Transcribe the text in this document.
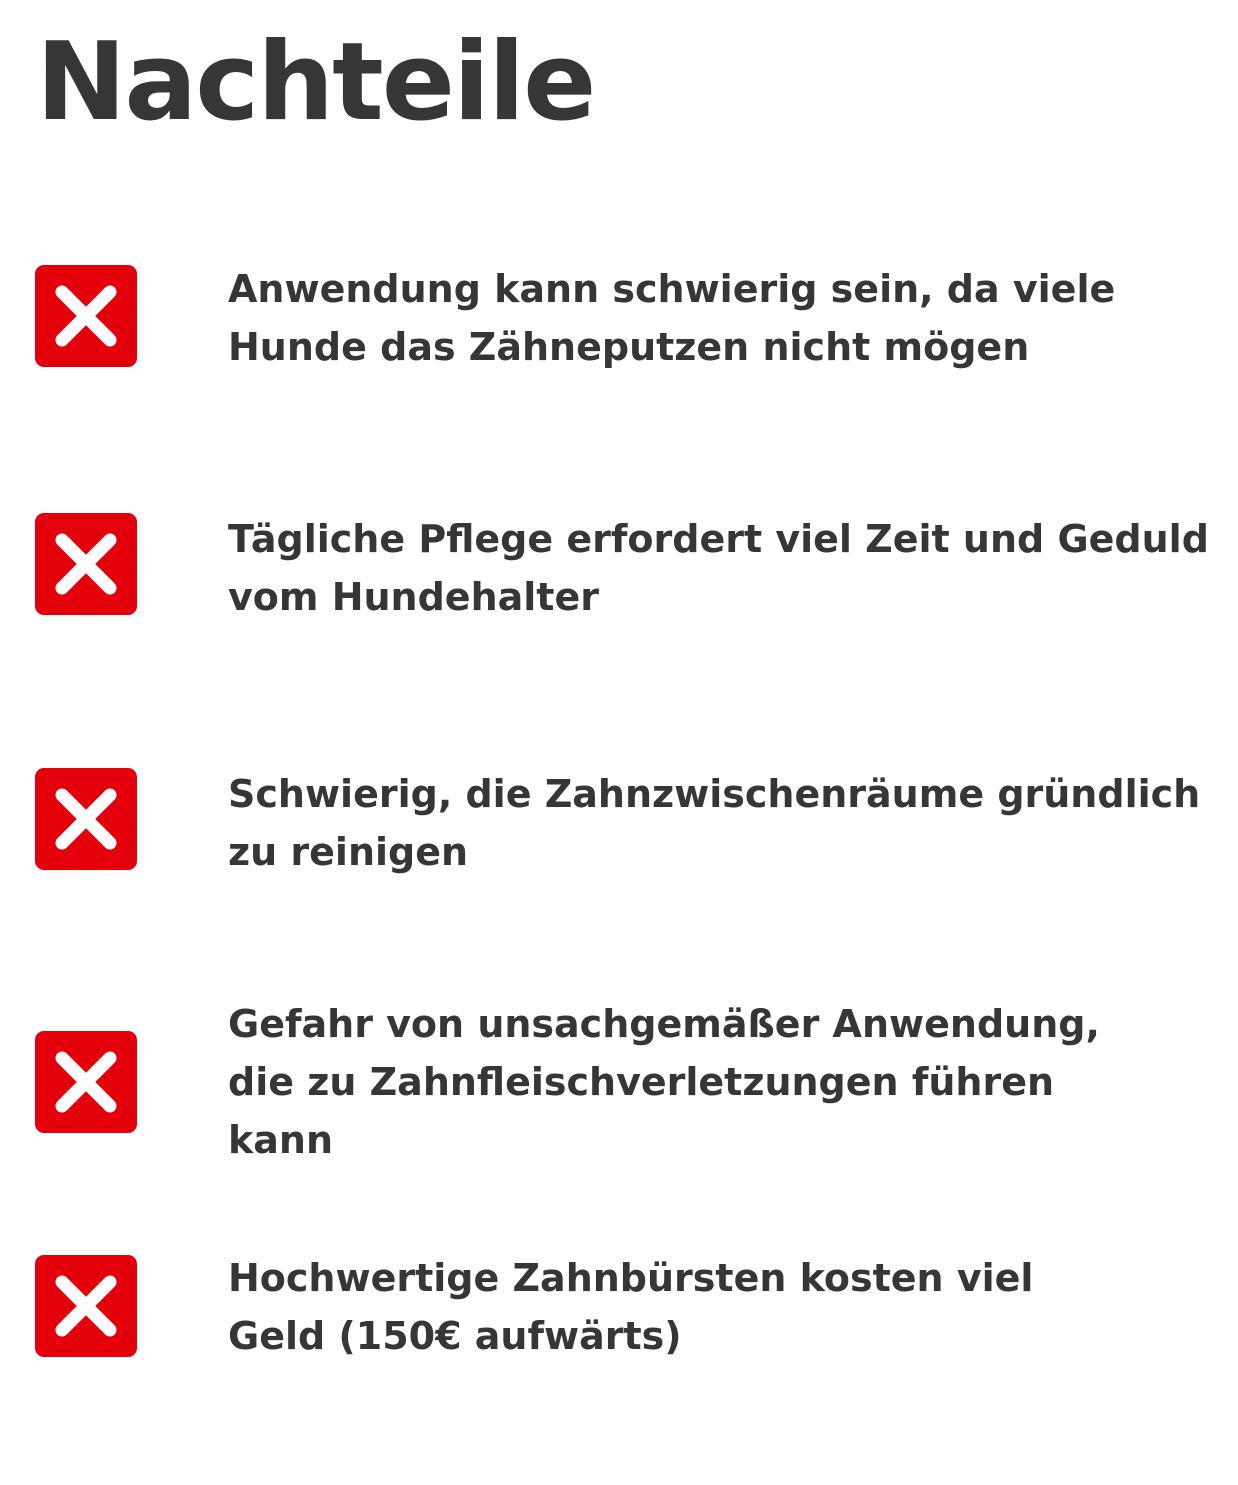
Nachteile

Anwendung kann schwierig sein, da viele
Hunde das Zähneputzen nicht mögen

Tägliche Pflege erfordert viel Zeit und Geduld
vom Hundehalter

Schwierig, die Zahnzwischenräume gründlich
zu reinigen

Gefahr von unsachgemäßer Anwendung,
die zu Zahnfleischverletzungen führen
kann

Hochwertige Zahnbürsten kosten viel
Geld (150€ aufwärts)
